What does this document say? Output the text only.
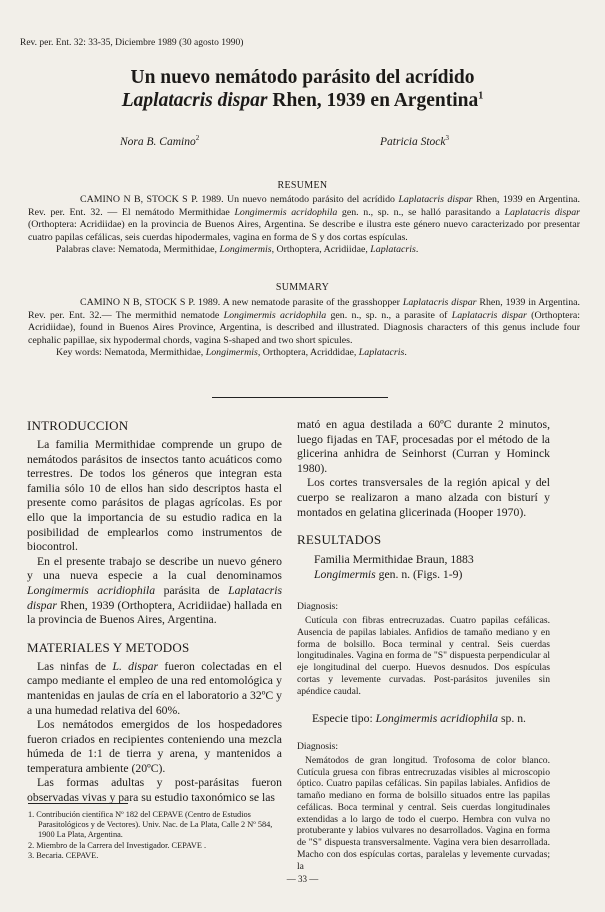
Rev. per. Ent. 32: 33-35, Diciembre 1989 (30 agosto 1990)
Un nuevo nemátodo parásito del acrídido
Laplatacris dispar Rhen, 1939 en Argentina$^1$
Nora B. Camino$^2$	Patricia Stock$^3$
RESUMEN

CAMINO N B, STOCK S P. 1989. Un nuevo nemátodo parásito del acrídido Laplatacris dispar Rhen, 1939 en Argentina. Rev. per. Ent. 32. — El nemátodo Mermithidae Longimermis acridophila gen. n., sp. n., se halló parasitando a Laplatacris dispar (Orthoptera: Acridiidae) en la provincia de Buenos Aires, Argentina. Se describe e ilustra este género nuevo caracterizado por presentar cuatro papilas cefálicas, seis cuerdas hipodermales, vagina en forma de S y dos cortas espículas.

Palabras clave: Nematoda, Mermithidae, Longimermis, Orthoptera, Acridiidae, Laplatacris.

SUMMARY

CAMINO N B, STOCK S P. 1989. A new nematode parasite of the grasshopper Laplatacris dispar Rhen, 1939 in Argentina. Rev. per. Ent. 32.— The mermithid nematode Longimermis acridophila gen. n., sp. n., a parasite of Laplatacris dispar (Orthoptera: Acridiidae), found in Buenos Aires Province, Argentina, is described and illustrated. Diagnosis characters of this genus include four cephalic papillae, six hypodermal chords, vagina S-shaped and two short spicules.

Key words: Nematoda, Mermithidae, Longimermis, Orthoptera, Acriddidae, Laplatacris.

INTRODUCCION

La familia Mermithidae comprende un grupo de nemátodos parásitos de insectos tanto acuáticos como terrestres. De todos los géneros que integran esta familia sólo 10 de ellos han sido descriptos hasta el presente como parásitos de plagas agrícolas. Es por ello que la importancia de su estudio radica en la posibilidad de emplearlos como instrumentos de biocontrol.

En el presente trabajo se describe un nuevo género y una nueva especie a la cual denominamos Longimermis acridiophila parásita de Laplatacris dispar Rhen, 1939 (Orthoptera, Acridiidae) hallada en la provincia de Buenos Aires, Argentina.

MATERIALES Y METODOS

Las ninfas de L. dispar fueron colectadas en el campo mediante el empleo de una red entomológica y mantenidas en jaulas de cría en el laboratorio a 32ºC y a una humedad relativa del 60%.

Los nemátodos emergidos de los hospedadores fueron criados en recipientes conteniendo una mezcla húmeda de 1:1 de tierra y arena, y mantenidos a temperatura ambiente (20ºC).

Las formas adultas y post-parásitas fueron observadas vivas y para su estudio taxonómico se las

mató en agua destilada a 60ºC durante 2 minutos, luego fijadas en TAF, procesadas por el método de la glicerina anhidra de Seinhorst (Curran y Hominck 1980).

Los cortes transversales de la región apical y del cuerpo se realizaron a mano alzada con bisturí y montados en gelatina glicerinada (Hooper 1970).

RESULTADOS
Familia Mermithidae Braun, 1883
Longimermis gen. n. (Figs. 1-9)
Diagnosis:

Cutícula con fibras entrecruzadas. Cuatro papilas cefálicas. Ausencia de papilas labiales. Anfidios de tamaño mediano y en forma de bolsillo. Boca terminal y central. Seis cuerdas longitudinales. Vagina en forma de "S" dispuesta perpendicular al eje longitudinal del cuerpo. Huevos desnudos. Dos espículas cortas y levemente curvadas. Post-parásitos juveniles sin apéndice caudal.

Especie tipo: Longimermis acridiophila sp. n.
Diagnosis:

Nemátodos de gran longitud. Trofosoma de color blanco. Cutícula gruesa con fibras entrecruzadas visibles al microscopio óptico. Cuatro papilas cefálicas. Sin papilas labiales. Anfidios de tamaño mediano en forma de bolsillo situados entre las papilas cefálicas. Boca terminal y central. Seis cuerdas longitudinales extendidas a lo largo de todo el cuerpo. Hembra con vulva no protuberante y labios vulvares no desarrollados. Vagina en forma de "S" dispuesta transversalmente. Vagina vera bien desarrollada. Macho con dos espículas cortas, paralelas y levemente curvadas; la

1. Contribución científica Nº 182 del CEPAVE (Centro de Estudios Parasitológicos y de Vectores). Univ. Nac. de La Plata, Calle 2 Nº 584, 1900 La Plata, Argentina.
2. Miembro de la Carrera del Investigador. CEPAVE .
3. Becaria. CEPAVE.
— 33 —
